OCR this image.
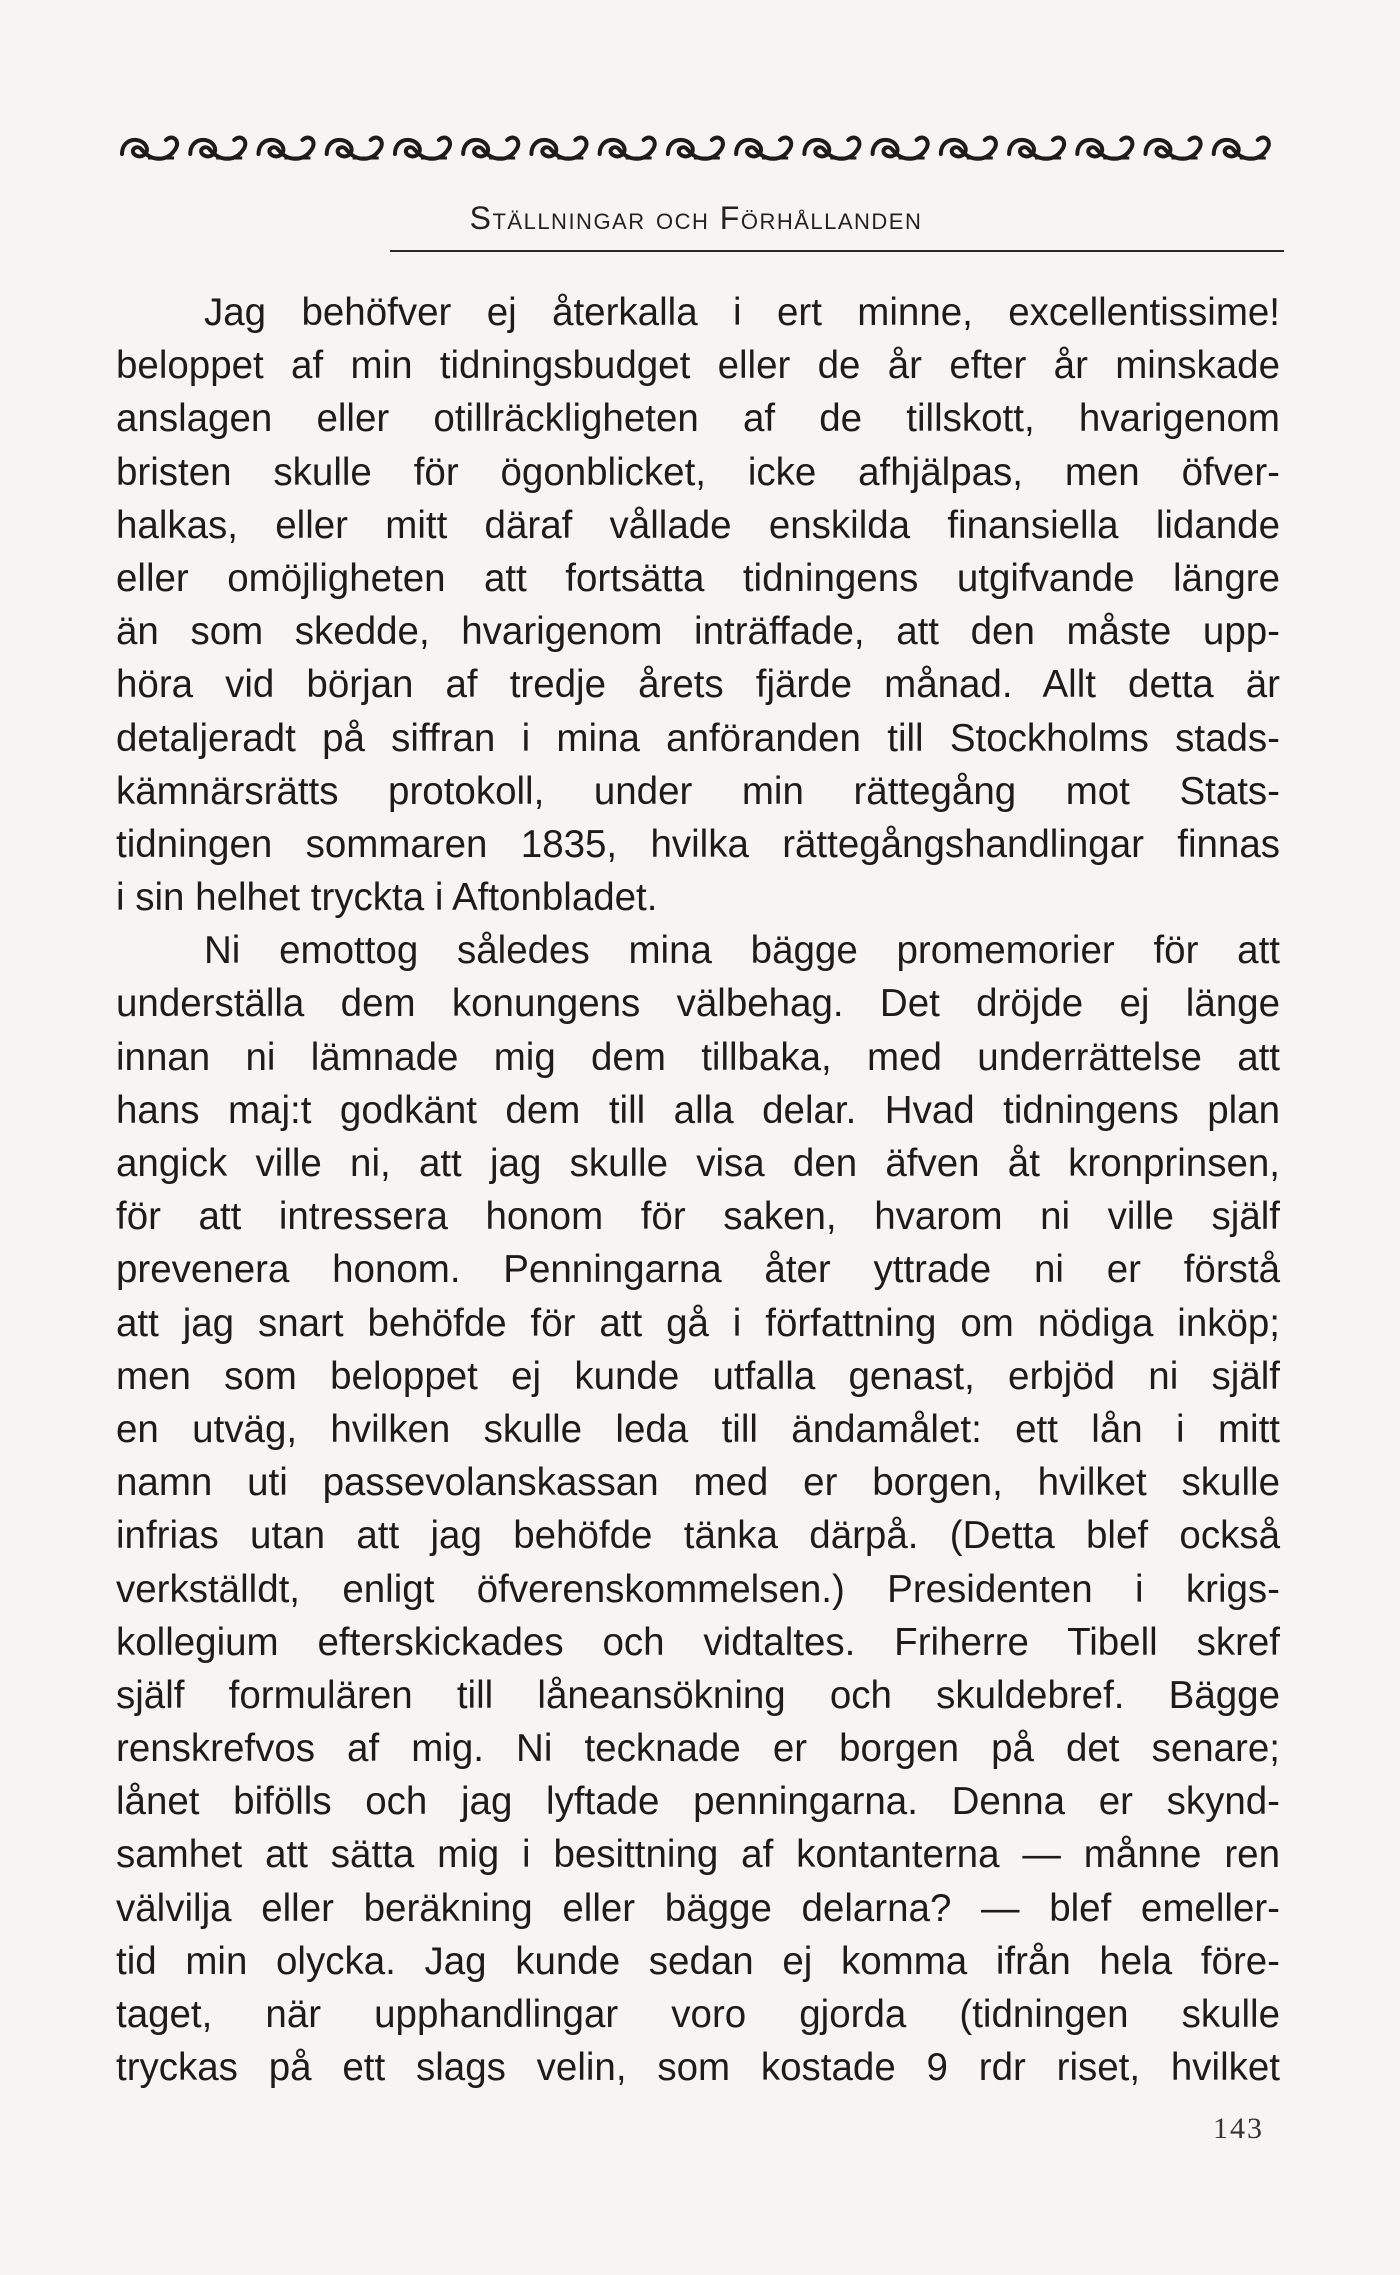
Ställningar och Förhållanden
Jag behöfver ej återkalla i ert minne, excellentissime!
beloppet af min tidningsbudget eller de år efter år minskade
anslagen eller otillräckligheten af de tillskott, hvarigenom
bristen skulle för ögonblicket, icke afhjälpas, men öfver-
halkas, eller mitt däraf vållade enskilda finansiella lidande
eller omöjligheten att fortsätta tidningens utgifvande längre
än som skedde, hvarigenom inträffade, att den måste upp-
höra vid början af tredje årets fjärde månad. Allt detta är
detaljeradt på siffran i mina anföranden till Stockholms stads-
kämnärsrätts protokoll, under min rättegång mot Stats-
tidningen sommaren 1835, hvilka rättegångshandlingar finnas
i sin helhet tryckta i Aftonbladet.
Ni emottog således mina bägge promemorier för att
underställa dem konungens välbehag. Det dröjde ej länge
innan ni lämnade mig dem tillbaka, med underrättelse att
hans maj:t godkänt dem till alla delar. Hvad tidningens plan
angick ville ni, att jag skulle visa den äfven åt kronprinsen,
för att intressera honom för saken, hvarom ni ville själf
prevenera honom. Penningarna åter yttrade ni er förstå
att jag snart behöfde för att gå i författning om nödiga inköp;
men som beloppet ej kunde utfalla genast, erbjöd ni själf
en utväg, hvilken skulle leda till ändamålet: ett lån i mitt
namn uti passevolanskassan med er borgen, hvilket skulle
infrias utan att jag behöfde tänka därpå. (Detta blef också
verkställdt, enligt öfverenskommelsen.) Presidenten i krigs-
kollegium efterskickades och vidtaltes. Friherre Tibell skref
själf formulären till låneansökning och skuldebref. Bägge
renskrefvos af mig. Ni tecknade er borgen på det senare;
lånet bifölls och jag lyftade penningarna. Denna er skynd-
samhet att sätta mig i besittning af kontanterna — månne ren
välvilja eller beräkning eller bägge delarna? — blef emeller-
tid min olycka. Jag kunde sedan ej komma ifrån hela före-
taget, när upphandlingar voro gjorda (tidningen skulle
tryckas på ett slags velin, som kostade 9 rdr riset, hvilket
143
